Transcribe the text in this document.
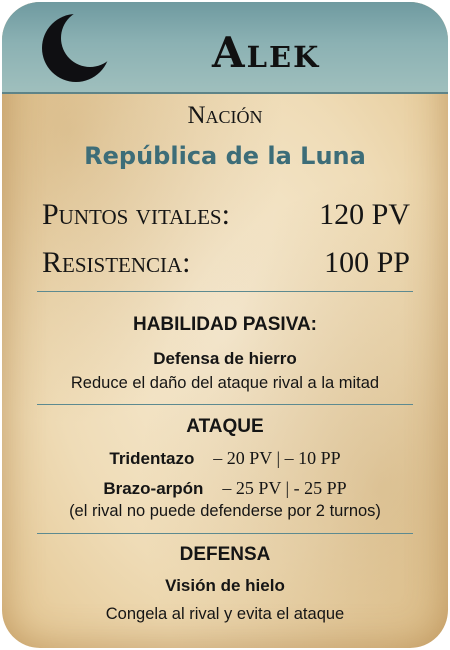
Alek
Nación
República de la Luna
Puntos vitales:	120 PV
Resistencia:	100 PP
HABILIDAD PASIVA:
Defensa de hierro
Reduce el daño del ataque rival a la mitad
ATAQUE
Tridentazo – 20 PV | – 10 PP
Brazo-arpón – 25 PV | - 25 PP
(el rival no puede defenderse por 2 turnos)
DEFENSA
Visión de hielo
Congela al rival y evita el ataque
